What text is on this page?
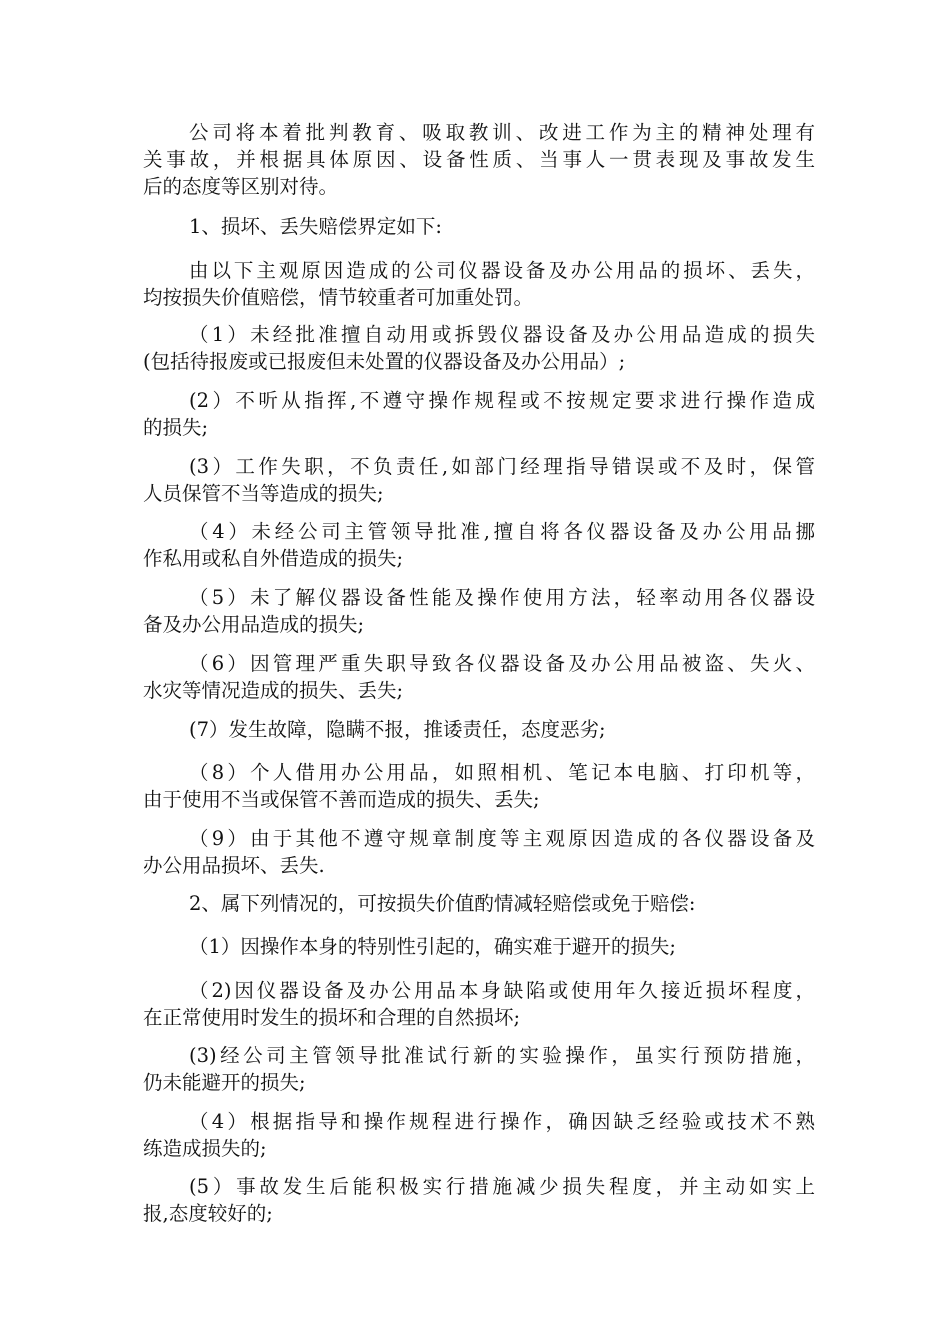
公司将本着批判教育、吸取教训、改进工作为主的精神处理有
关事故，并根据具体原因、设备性质、当事人一贯表现及事故发生
后的态度等区别对待。

1、损坏、丢失赔偿界定如下:

由以下主观原因造成的公司仪器设备及办公用品的损坏、丢失，
均按损失价值赔偿，情节较重者可加重处罚。

（1）未经批准擅自动用或拆毁仪器设备及办公用品造成的损失
(包括待报废或已报废但未处置的仪器设备及办公用品）;

(2）不听从指挥,不遵守操作规程或不按规定要求进行操作造成
的损失;

(3）工作失职，不负责任,如部门经理指导错误或不及时，保管
人员保管不当等造成的损失;

（4）未经公司主管领导批准,擅自将各仪器设备及办公用品挪
作私用或私自外借造成的损失;

（5）未了解仪器设备性能及操作使用方法，轻率动用各仪器设
备及办公用品造成的损失;

（6）因管理严重失职导致各仪器设备及办公用品被盗、失火、
水灾等情况造成的损失、丢失;

(7）发生故障，隐瞒不报，推诿责任，态度恶劣;

（8）个人借用办公用品，如照相机、笔记本电脑、打印机等，
由于使用不当或保管不善而造成的损失、丢失;

（9）由于其他不遵守规章制度等主观原因造成的各仪器设备及
办公用品损坏、丢失.

2、属下列情况的，可按损失价值酌情减轻赔偿或免于赔偿:

（1）因操作本身的特别性引起的，确实难于避开的损失;

（2)因仪器设备及办公用品本身缺陷或使用年久接近损坏程度，
在正常使用时发生的损坏和合理的自然损坏;

(3)经公司主管领导批准试行新的实验操作，虽实行预防措施，
仍未能避开的损失;

（4）根据指导和操作规程进行操作，确因缺乏经验或技术不熟
练造成损失的;

(5）事故发生后能积极实行措施减少损失程度，并主动如实上
报,态度较好的;
